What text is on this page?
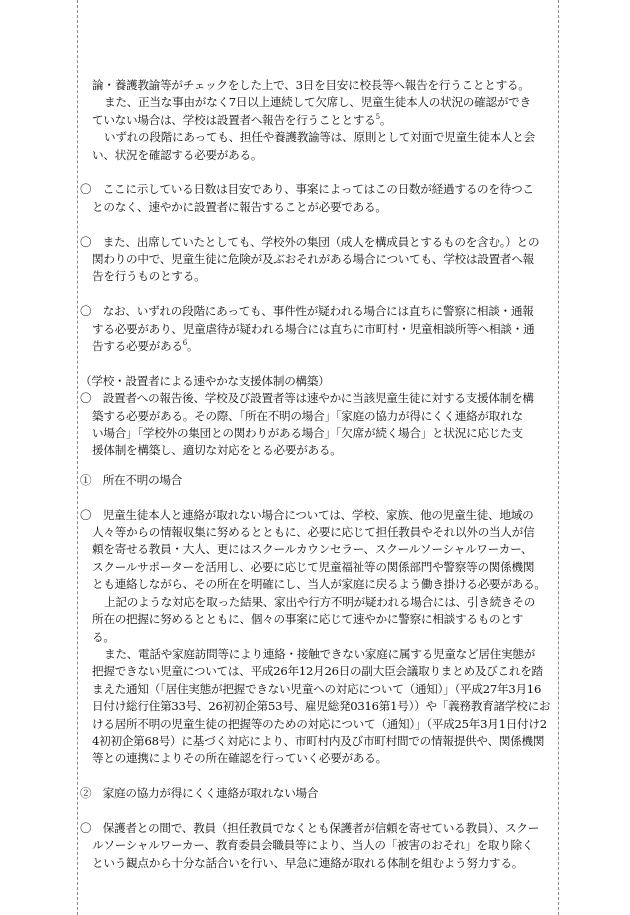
論・養護教諭等がチェックをした上で、3日を目安に校長等へ報告を行うこととする。
また、正当な事由がなく7日以上連続して欠席し、児童生徒本人の状況の確認ができ
ていない場合は、学校は設置者へ報告を行うこととする$^5$。
いずれの段階にあっても、担任や養護教諭等は、原則として対面で児童生徒本人と会
い、状況を確認する必要がある。
〇　ここに示している日数は目安であり、事案によってはこの日数が経過するのを待つこ
とのなく、速やかに設置者に報告することが必要である。
〇　また、出席していたとしても、学校外の集団（成人を構成員とするものを含む。）との
関わりの中で、児童生徒に危険が及ぶおそれがある場合についても、学校は設置者へ報
告を行うものとする。
〇　なお、いずれの段階にあっても、事件性が疑われる場合には直ちに警察に相談・通報
する必要があり、児童虐待が疑われる場合には直ちに市町村・児童相談所等へ相談・通
告する必要がある$^6$。
（学校・設置者による速やかな支援体制の構築）
〇　設置者への報告後、学校及び設置者等は速やかに当該児童生徒に対する支援体制を構
築する必要がある。その際、「所在不明の場合」「家庭の協力が得にくく連絡が取れな
い場合」「学校外の集団との関わりがある場合」「欠席が続く場合」と状況に応じた支
援体制を構築し、適切な対応をとる必要がある。
①　所在不明の場合
〇　児童生徒本人と連絡が取れない場合については、学校、家族、他の児童生徒、地域の
人々等からの情報収集に努めるとともに、必要に応じて担任教員やそれ以外の当人が信
頼を寄せる教員・大人、更にはスクールカウンセラー、スクールソーシャルワーカー、
スクールサポーターを活用し、必要に応じて児童福祉等の関係部門や警察等の関係機関
とも連絡しながら、その所在を明確にし、当人が家庭に戻るよう働き掛ける必要がある。
上記のような対応を取った結果、家出や行方不明が疑われる場合には、引き続きその
所在の把握に努めるとともに、個々の事案に応じて速やかに警察に相談するものとす
る。
また、電話や家庭訪問等により連絡・接触できない家庭に属する児童など居住実態が
把握できない児童については、平成26年12月26日の副大臣会議取りまとめ及びこれを踏
まえた通知（「居住実態が把握できない児童への対応について（通知）」（平成27年3月16
日付け総行住第33号、26初初企第53号、雇児総発0316第1号））や「義務教育諸学校にお
ける居所不明の児童生徒の把握等のための対応について（通知）」（平成25年3月1日付け2
4初初企第68号）に基づく対応により、市町村内及び市町村間での情報提供や、関係機関
等との連携によりその所在確認を行っていく必要がある。
②　家庭の協力が得にくく連絡が取れない場合
〇　保護者との間で、教員（担任教員でなくとも保護者が信頼を寄せている教員）、スクー
ルソーシャルワーカー、教育委員会職員等により、当人の「被害のおそれ」を取り除く
という観点から十分な話合いを行い、早急に連絡が取れる体制を組むよう努力する。
